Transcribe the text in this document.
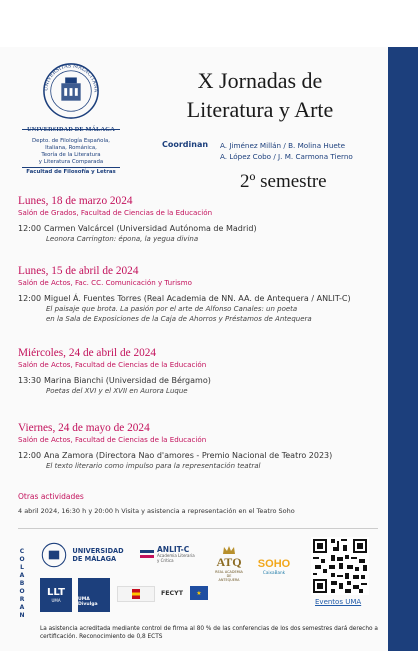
UNIVERSITAS MALACITANA
Depto. de Filología Española,
Italiana, Románica,
Teoría de la Literatura
y Literatura Comparada
Facultad de Filosofía y Letras
X Jornadas de
Literatura y Arte
Coordinan A. Jiménez Millán / B. Molina Huete
A. López Cobo / J. M. Carmona Tierno
2º semestre
Lunes, 18 de marzo 2024
Salón de Grados, Facultad de Ciencias de la Educación
12:00 Carmen Valcárcel (Universidad Autónoma de Madrid)
Leonora Carrington: épona, la yegua divina
Lunes, 15 de abril de 2024
Salón de Actos, Fac. CC. Comunicación y Turismo
12:00 Miguel Á. Fuentes Torres (Real Academia de NN. AA. de Antequera / ANLIT-C)
El paisaje que brota. La pasión por el arte de Alfonso Canales: un poeta
en la Sala de Exposiciones de la Caja de Ahorros y Préstamos de Antequera
Miércoles, 24 de abril de 2024
Salón de Actos, Facultad de Ciencias de la Educación
13:30 Marina Bianchi (Universidad de Bérgamo)
Poetas del XVI y el XVII en Aurora Luque
Viernes, 24 de mayo de 2024
Salón de Actos, Facultad de Ciencias de la Educación
12:00 Ana Zamora (Directora Nao d'amores - Premio Nacional de Teatro 2023)
El texto literario como impulso para la representación teatral
Otras actividades
4 abril 2024, 16:30 h y 20:00 h Visita y asistencia a representación en el Teatro Soho
C
O
L
A
B
O
R
A
N
UNIVERSIDAD
DE MÁLAGA
ANLIT-C
Academia Literaria
y Crítica	ATQ
REAL ACADEMIA
DE
ANTEQUERA
SOHO
CaixaBank
LLT
UMA	UMA Divulga
FECYT	★
Eventos UMA
La asistencia acreditada mediante control de firma al 80 % de las conferencias de los dos semestres dará derecho a certificación. Reconocimiento de 0,8 ECTS
